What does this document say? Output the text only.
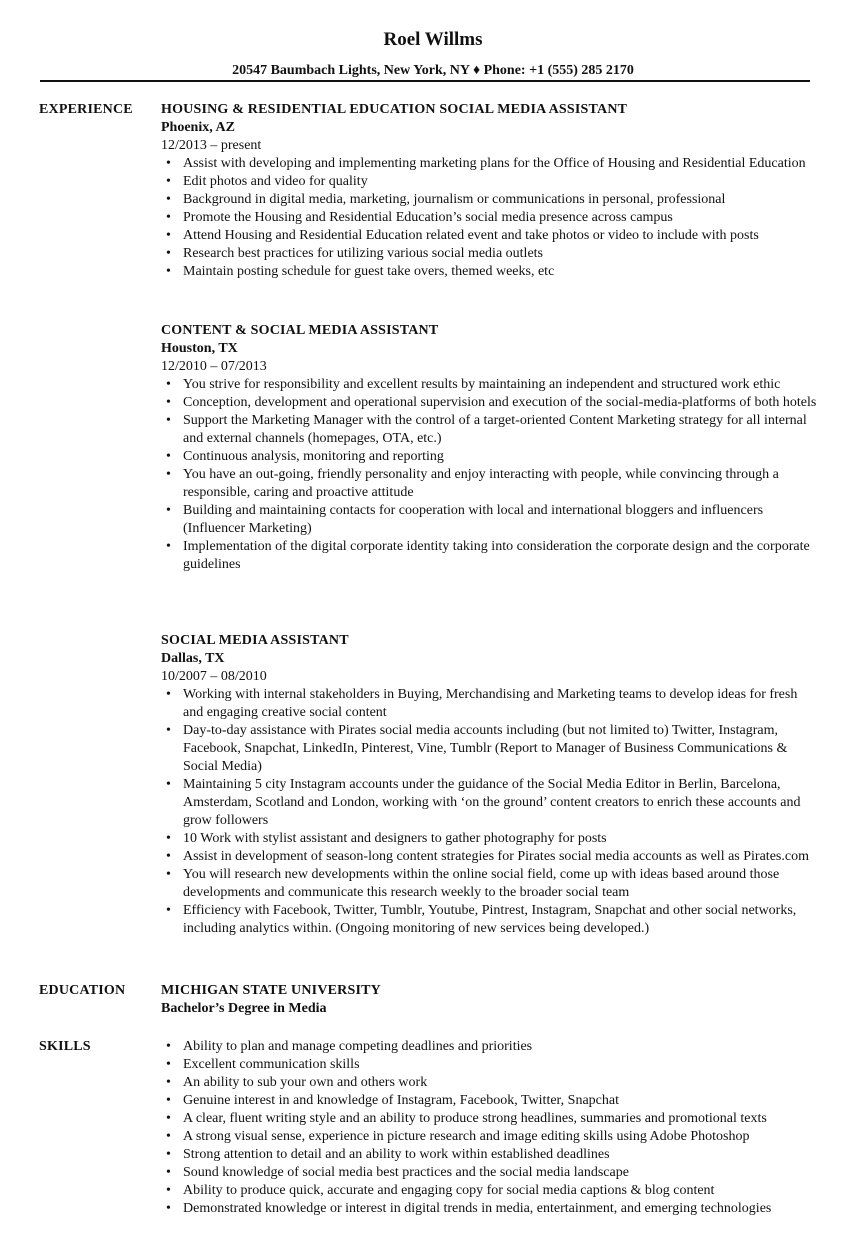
Roel Willms
20547 Baumbach Lights, New York, NY ♦ Phone: +1 (555) 285 2170
EXPERIENCE HOUSING & RESIDENTIAL EDUCATION SOCIAL MEDIA ASSISTANT
Phoenix, AZ
12/2013 – present
• Assist with developing and implementing marketing plans for the Office of Housing and Residential Education
• Edit photos and video for quality
• Background in digital media, marketing, journalism or communications in personal, professional
• Promote the Housing and Residential Education’s social media presence across campus
• Attend Housing and Residential Education related event and take photos or video to include with posts
• Research best practices for utilizing various social media outlets
• Maintain posting schedule for guest take overs, themed weeks, etc
CONTENT & SOCIAL MEDIA ASSISTANT
Houston, TX
12/2010 – 07/2013
• You strive for responsibility and excellent results by maintaining an independent and structured work ethic
• Conception, development and operational supervision and execution of the social-media-platforms of both hotels
• Support the Marketing Manager with the control of a target-oriented Content Marketing strategy for all internal and external channels (homepages, OTA, etc.)
• Continuous analysis, monitoring and reporting
• You have an out-going, friendly personality and enjoy interacting with people, while convincing through a responsible, caring and proactive attitude
• Building and maintaining contacts for cooperation with local and international bloggers and influencers (Influencer Marketing)
• Implementation of the digital corporate identity taking into consideration the corporate design and the corporate guidelines
SOCIAL MEDIA ASSISTANT
Dallas, TX
10/2007 – 08/2010
• Working with internal stakeholders in Buying, Merchandising and Marketing teams to develop ideas for fresh and engaging creative social content
• Day-to-day assistance with Pirates social media accounts including (but not limited to) Twitter, Instagram, Facebook, Snapchat, LinkedIn, Pinterest, Vine, Tumblr (Report to Manager of Business Communications & Social Media)
• Maintaining 5 city Instagram accounts under the guidance of the Social Media Editor in Berlin, Barcelona, Amsterdam, Scotland and London, working with ‘on the ground’ content creators to enrich these accounts and grow followers
• 10 Work with stylist assistant and designers to gather photography for posts
• Assist in development of season-long content strategies for Pirates social media accounts as well as Pirates.com
• You will research new developments within the online social field, come up with ideas based around those developments and communicate this research weekly to the broader social team
• Efficiency with Facebook, Twitter, Tumblr, Youtube, Pintrest, Instagram, Snapchat and other social networks, including analytics within. (Ongoing monitoring of new services being developed.)
EDUCATION	MICHIGAN STATE UNIVERSITY
Bachelor’s Degree in Media
SKILLS
•	Ability to plan and manage competing deadlines and priorities
• Excellent communication skills
• An ability to sub your own and others work
• Genuine interest in and knowledge of Instagram, Facebook, Twitter, Snapchat
• A clear, fluent writing style and an ability to produce strong headlines, summaries and promotional texts
• A strong visual sense, experience in picture research and image editing skills using Adobe Photoshop
• Strong attention to detail and an ability to work within established deadlines
• Sound knowledge of social media best practices and the social media landscape
• Ability to produce quick, accurate and engaging copy for social media captions & blog content
• Demonstrated knowledge or interest in digital trends in media, entertainment, and emerging technologies
